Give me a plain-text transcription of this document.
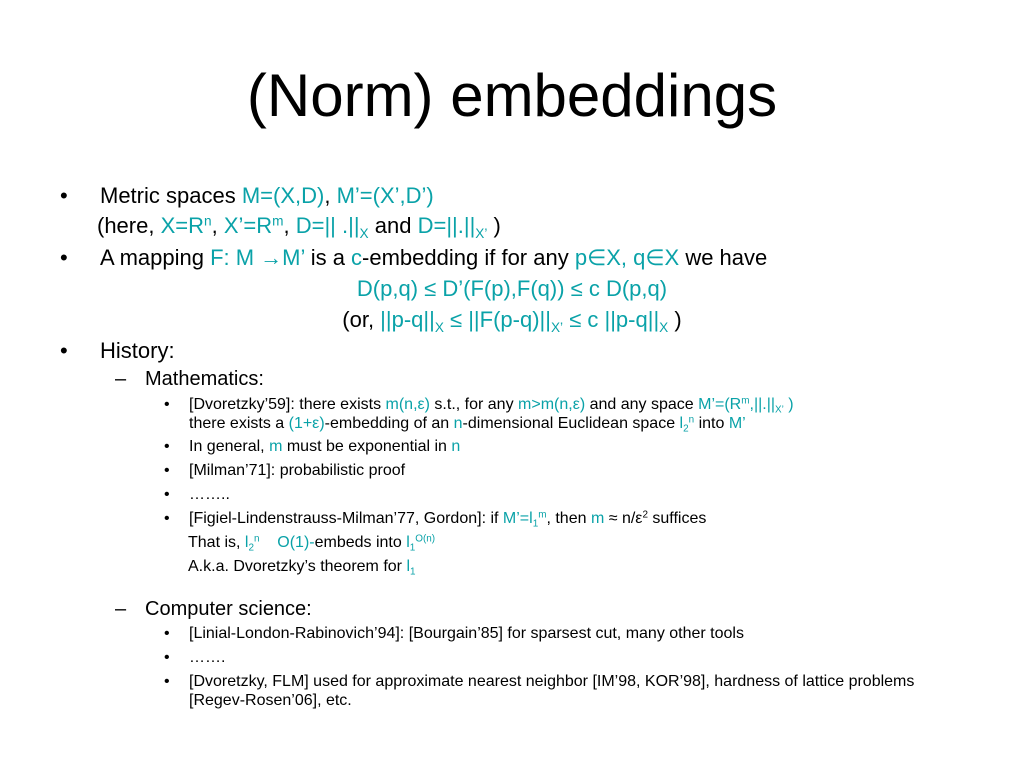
(Norm) embeddings
• Metric spaces M=(X,D), M’=(X’,D’)
(here, $X=R^n$, $X’=R^m$, D=|| $.||_X$ and $D=||.||_{X’}$ )
• A mapping F: M →M’ is a c-embedding if for any p∈X, q∈X we have
D(p,q) ≤ D’(F(p),F(q)) ≤ c D(p,q)
(or, $||p-q||_X \le ||F(p-q)||_{X’} \le c$ $||p-q||_X$ )
• History:
– Mathematics:
• [Dvoretzky’59]: there exists m(n,ε) s.t., for any m>m(n,ε) and any space $M’=(R^m,||.||_{X’}$ )
there exists a (1+ε)-embedding of an n-dimensional Euclidean space $l_2^n$ into M’
• In general, m must be exponential in n
• [Milman’71]: probabilistic proof
• ……..
• [Figiel-Lindenstrauss-Milman’77, Gordon]: if $M’=l_1^m$, then $m \approx n/\varepsilon^2$ suffices
That is, $l_2^n$ O(1)-embeds into $l_1^{O(n)}$
A.k.a. Dvoretzky’s theorem for $l_1$
– Computer science:
• [Linial-London-Rabinovich’94]: [Bourgain’85] for sparsest cut, many other tools
• …….
• [Dvoretzky, FLM] used for approximate nearest neighbor [IM’98, KOR’98], hardness of lattice problems [Regev-Rosen’06], etc.
